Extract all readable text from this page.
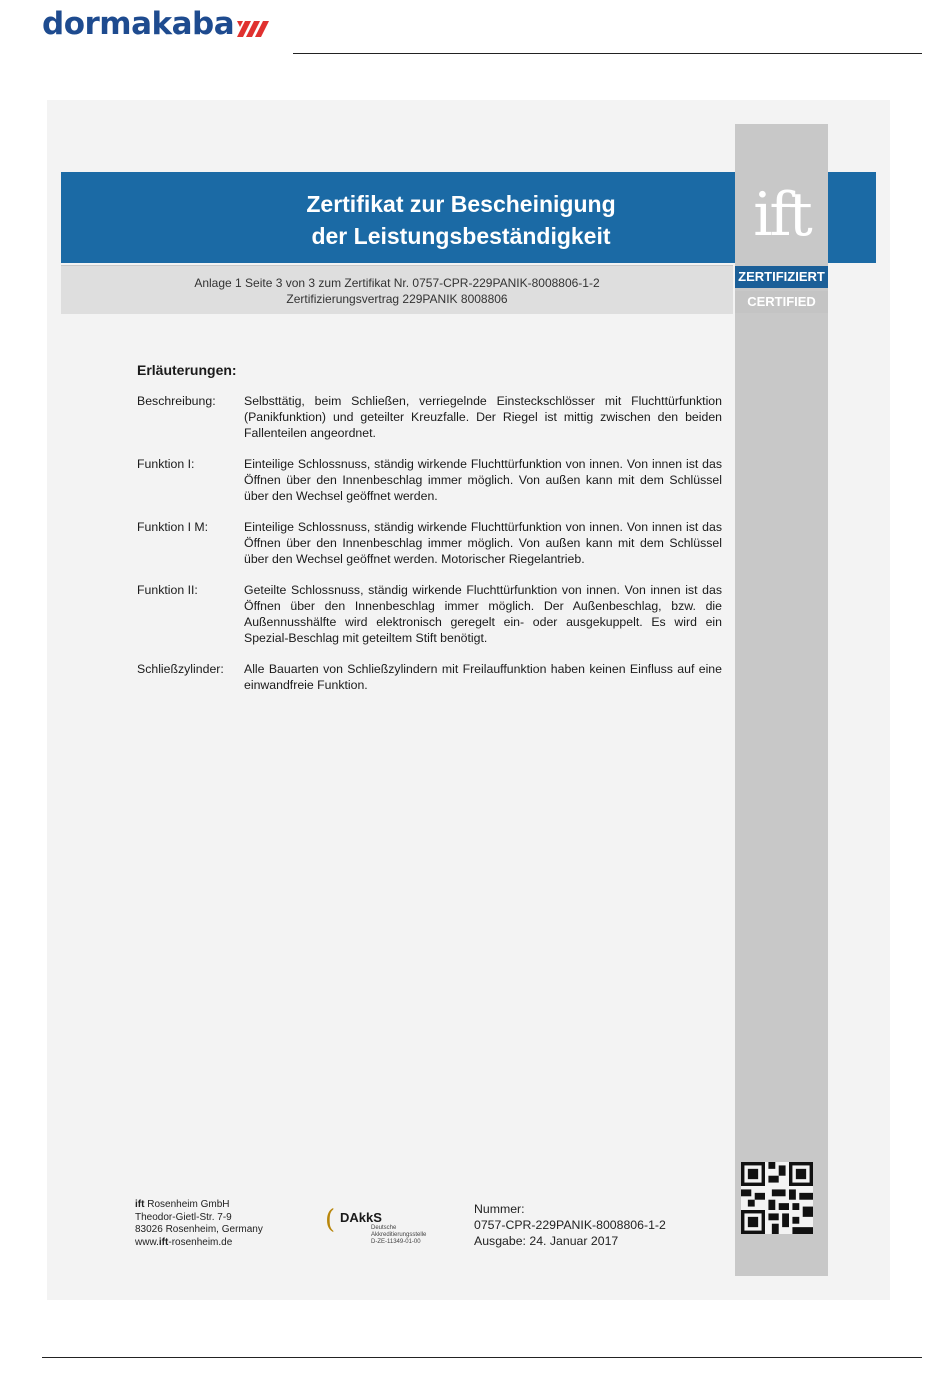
dormakaba
Zertifikat zur Bescheinigung
der Leistungsbeständigkeit	ift
ZERTIFIZIERT
CERTIFIED
Anlage 1 Seite 3 von 3 zum Zertifikat Nr. 0757-CPR-229PANIK-8008806-1-2
Zertifizierungsvertrag 229PANIK 8008806
Erläuterungen:
Beschreibung:	Selbsttätig, beim Schließen, verriegelnde Einsteckschlösser mit Fluchttürfunktion (Panikfunktion) und geteilter Kreuzfalle. Der Riegel ist mittig zwischen den beiden Fallenteilen angeordnet.
Funktion I:	Einteilige Schlossnuss, ständig wirkende Fluchttürfunktion von innen. Von innen ist das Öffnen über den Innenbeschlag immer möglich. Von außen kann mit dem Schlüssel über den Wechsel geöffnet werden.
Funktion I M:	Einteilige Schlossnuss, ständig wirkende Fluchttürfunktion von innen. Von innen ist das Öffnen über den Innenbeschlag immer möglich. Von außen kann mit dem Schlüssel über den Wechsel geöffnet werden. Motorischer Riegelantrieb.
Funktion II:	Geteilte Schlossnuss, ständig wirkende Fluchttürfunktion von innen. Von innen ist das Öffnen über den Innenbeschlag immer möglich. Der Außenbeschlag, bzw. die Außennusshälfte wird elektronisch geregelt ein- oder ausgekuppelt. Es wird ein Spezial-Beschlag mit geteiltem Stift benötigt.
Schließzylinder:	Alle Bauarten von Schließzylindern mit Freilauffunktion haben keinen Einfluss auf eine einwandfreie Funktion.
ift Rosenheim GmbH
Theodor-Gietl-Str. 7-9
83026 Rosenheim, Germany
www.ift-rosenheim.de
( DAkkS
Deutsche
Akkreditierungsstelle
D-ZE-11349-01-00
Nummer:
0757-CPR-229PANIK-8008806-1-2
Ausgabe: 24. Januar 2017
